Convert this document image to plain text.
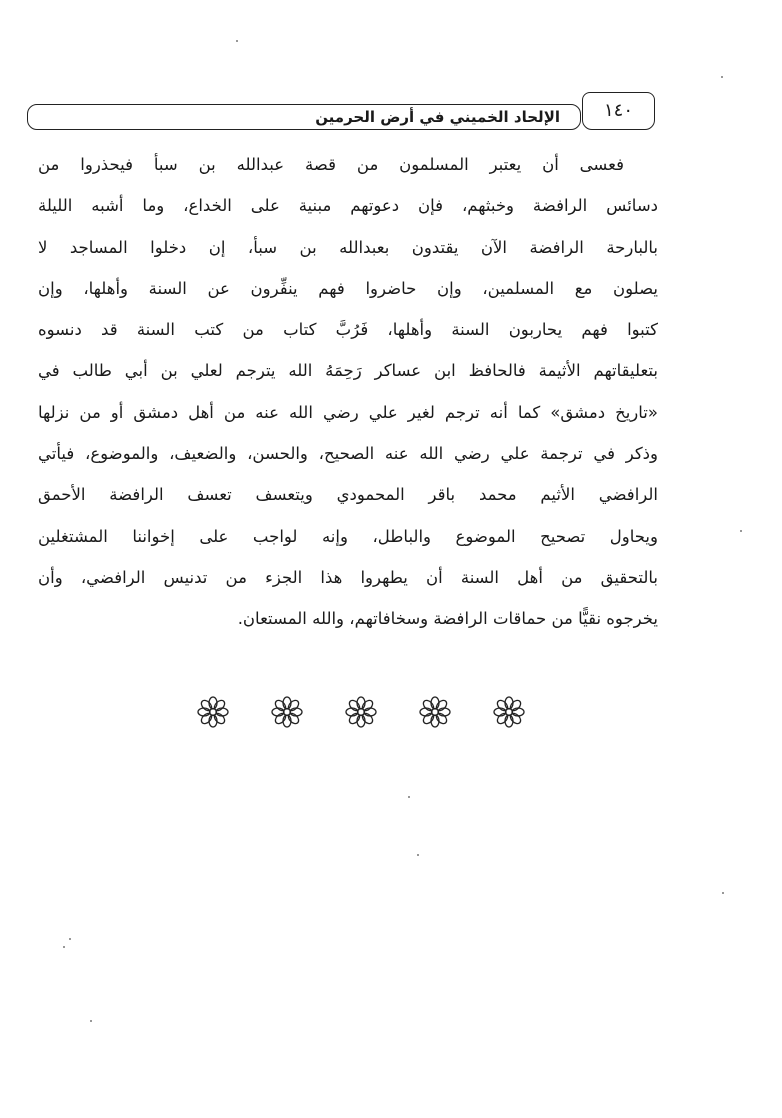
الإلحاد الخميني في أرض الحرمين ١٤٠
فعسى أن يعتبر المسلمون من قصة عبدالله بن سبأ فيحذروا من
دسائس الرافضة وخبثهم، فإن دعوتهم مبنية على الخداع، وما أشبه الليلة
بالبارحة الرافضة الآن يقتدون بعبدالله بن سبأ، إن دخلوا المساجد لا
يصلون مع المسلمين، وإن حاضروا فهم ينفِّرون عن السنة وأهلها، وإن
كتبوا فهم يحاربون السنة وأهلها، فَرُبَّ كتاب من كتب السنة قد دنسوه
بتعليقاتهم الأثيمة فالحافظ ابن عساكر رَحِمَهُ الله يترجم لعلي بن أبي طالب في
«تاريخ دمشق» كما أنه ترجم لغير علي رضي الله عنه من أهل دمشق أو من نزلها
وذكر في ترجمة علي رضي الله عنه الصحيح، والحسن، والضعيف، والموضوع، فيأتي
الرافضي الأثيم محمد باقر المحمودي ويتعسف تعسف الرافضة الأحمق
ويحاول تصحيح الموضوع والباطل، وإنه لواجب على إخواننا المشتغلين
بالتحقيق من أهل السنة أن يطهروا هذا الجزء من تدنيس الرافضي، وأن
يخرجوه نقيًّا من حماقات الرافضة وسخافاتهم، والله المستعان.
